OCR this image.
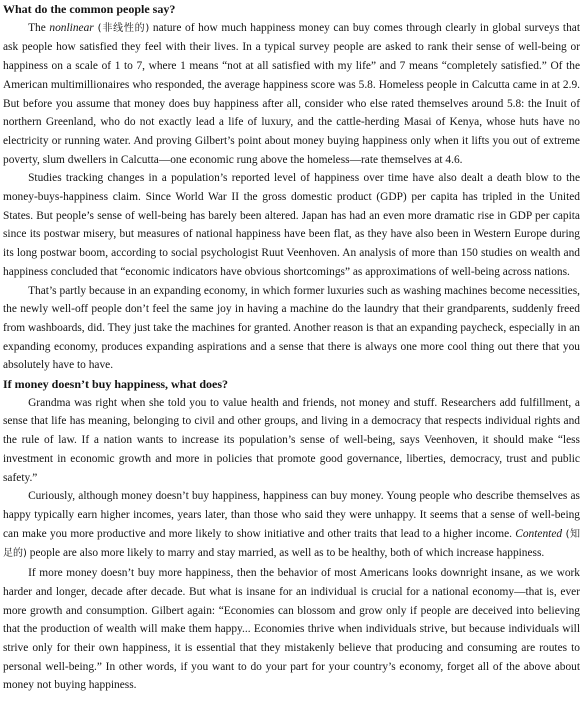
What do the common people say?

The nonlinear (非线性的) nature of how much happiness money can buy comes through clearly in global surveys that ask people how satisfied they feel with their lives. In a typical survey people are asked to rank their sense of well-being or happiness on a scale of 1 to 7, where 1 means “not at all satisfied with my life” and 7 means “completely satisfied.” Of the American multimillionaires who responded, the average happiness score was 5.8. Homeless people in Calcutta came in at 2.9. But before you assume that money does buy happiness after all, consider who else rated themselves around 5.8: the Inuit of northern Greenland, who do not exactly lead a life of luxury, and the cattle-herding Masai of Kenya, whose huts have no electricity or running water. And proving Gilbert’s point about money buying happiness only when it lifts you out of extreme poverty, slum dwellers in Calcutta—one economic rung above the homeless—rate themselves at 4.6.

Studies tracking changes in a population’s reported level of happiness over time have also dealt a death blow to the money-buys-happiness claim. Since World War II the gross domestic product (GDP) per capita has tripled in the United States. But people’s sense of well-being has barely been altered. Japan has had an even more dramatic rise in GDP per capita since its postwar misery, but measures of national happiness have been flat, as they have also been in Western Europe during its long postwar boom, according to social psychologist Ruut Veenhoven. An analysis of more than 150 studies on wealth and happiness concluded that “economic indicators have obvious shortcomings” as approximations of well-being across nations.

That’s partly because in an expanding economy, in which former luxuries such as washing machines become necessities, the newly well-off people don’t feel the same joy in having a machine do the laundry that their grandparents, suddenly freed from washboards, did. They just take the machines for granted. Another reason is that an expanding paycheck, especially in an expanding economy, produces expanding aspirations and a sense that there is always one more cool thing out there that you absolutely have to have.

If money doesn’t buy happiness, what does?

Grandma was right when she told you to value health and friends, not money and stuff. Researchers add fulfillment, a sense that life has meaning, belonging to civil and other groups, and living in a democracy that respects individual rights and the rule of law. If a nation wants to increase its population’s sense of well-being, says Veenhoven, it should make “less investment in economic growth and more in policies that promote good governance, liberties, democracy, trust and public safety.”

Curiously, although money doesn’t buy happiness, happiness can buy money. Young people who describe themselves as happy typically earn higher incomes, years later, than those who said they were unhappy. It seems that a sense of well-being can make you more productive and more likely to show initiative and other traits that lead to a higher income. Contented (知足的) people are also more likely to marry and stay married, as well as to be healthy, both of which increase happiness.

If more money doesn’t buy more happiness, then the behavior of most Americans looks downright insane, as we work harder and longer, decade after decade. But what is insane for an individual is crucial for a national economy—that is, ever more growth and consumption. Gilbert again: “Economies can blossom and grow only if people are deceived into believing that the production of wealth will make them happy... Economies thrive when individuals strive, but because individuals will strive only for their own happiness, it is essential that they mistakenly believe that producing and consuming are routes to personal well-being.” In other words, if you want to do your part for your country’s economy, forget all of the above about money not buying happiness.
